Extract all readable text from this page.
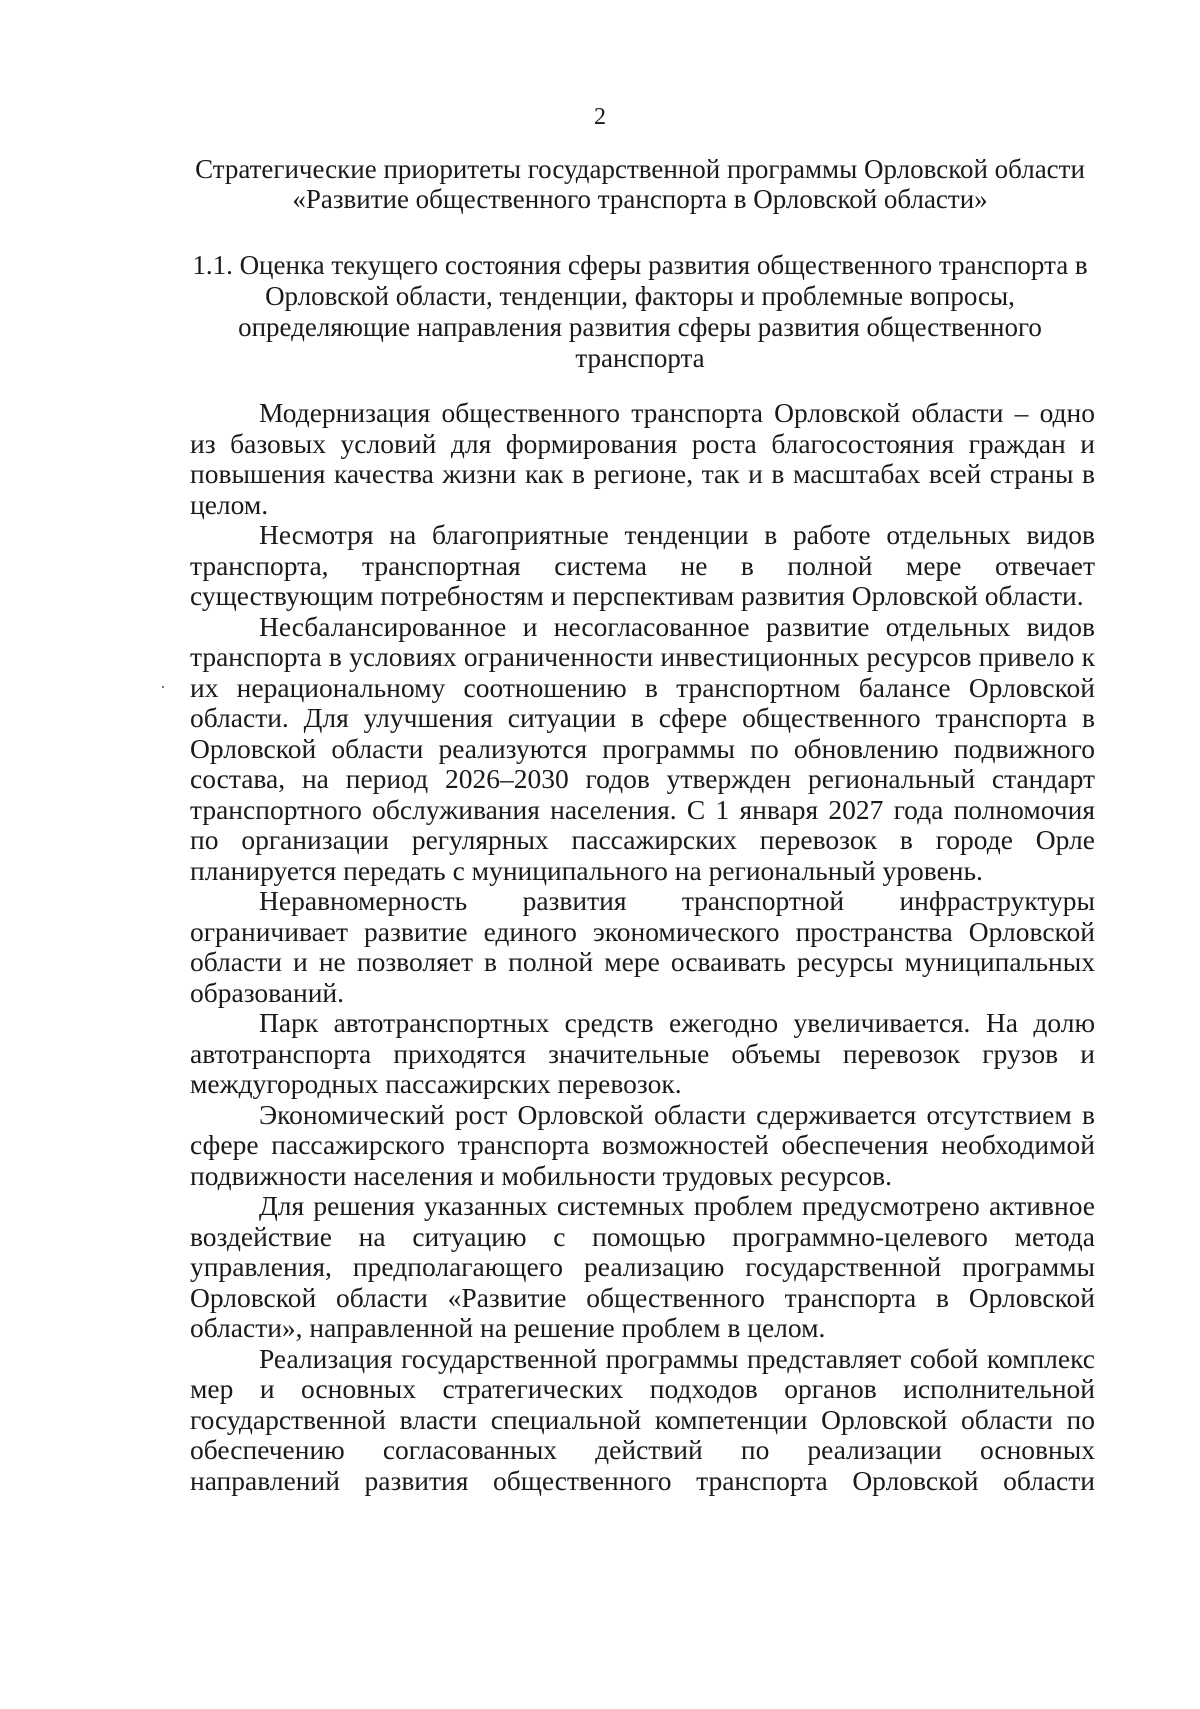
2
Стратегические приоритеты государственной программы Орловской области «Развитие общественного транспорта в Орловской области»
1.1. Оценка текущего состояния сферы развития общественного транспорта в Орловской области, тенденции, факторы и проблемные вопросы, определяющие направления развития сферы развития общественного транспорта

Модернизация общественного транспорта Орловской области – одно из базовых условий для формирования роста благосостояния граждан и повышения качества жизни как в регионе, так и в масштабах всей страны в целом.

Несмотря на благоприятные тенденции в работе отдельных видов транспорта, транспортная система не в полной мере отвечает существующим потребностям и перспективам развития Орловской области.

Несбалансированное и несогласованное развитие отдельных видов транспорта в условиях ограниченности инвестиционных ресурсов привело к их нерациональному соотношению в транспортном балансе Орловской области. Для улучшения ситуации в сфере общественного транспорта в Орловской области реализуются программы по обновлению подвижного состава, на период 2026–2030 годов утвержден региональный стандарт транспортного обслуживания населения. С 1 января 2027 года полномочия по организации регулярных пассажирских перевозок в городе Орле планируется передать с муниципального на региональный уровень.

Неравномерность развития транспортной инфраструктуры ограничивает развитие единого экономического пространства Орловской области и не позволяет в полной мере осваивать ресурсы муниципальных образований.

Парк автотранспортных средств ежегодно увеличивается. На долю автотранспорта приходятся значительные объемы перевозок грузов и междугородных пассажирских перевозок.

Экономический рост Орловской области сдерживается отсутствием в сфере пассажирского транспорта возможностей обеспечения необходимой подвижности населения и мобильности трудовых ресурсов.

Для решения указанных системных проблем предусмотрено активное воздействие на ситуацию с помощью программно-целевого метода управления, предполагающего реализацию государственной программы Орловской области «Развитие общественного транспорта в Орловской области», направленной на решение проблем в целом.

Реализация государственной программы представляет собой комплекс мер и основных стратегических подходов органов исполнительной государственной власти специальной компетенции Орловской области по обеспечению согласованных действий по реализации основных направлений развития общественного транспорта Орловской области
